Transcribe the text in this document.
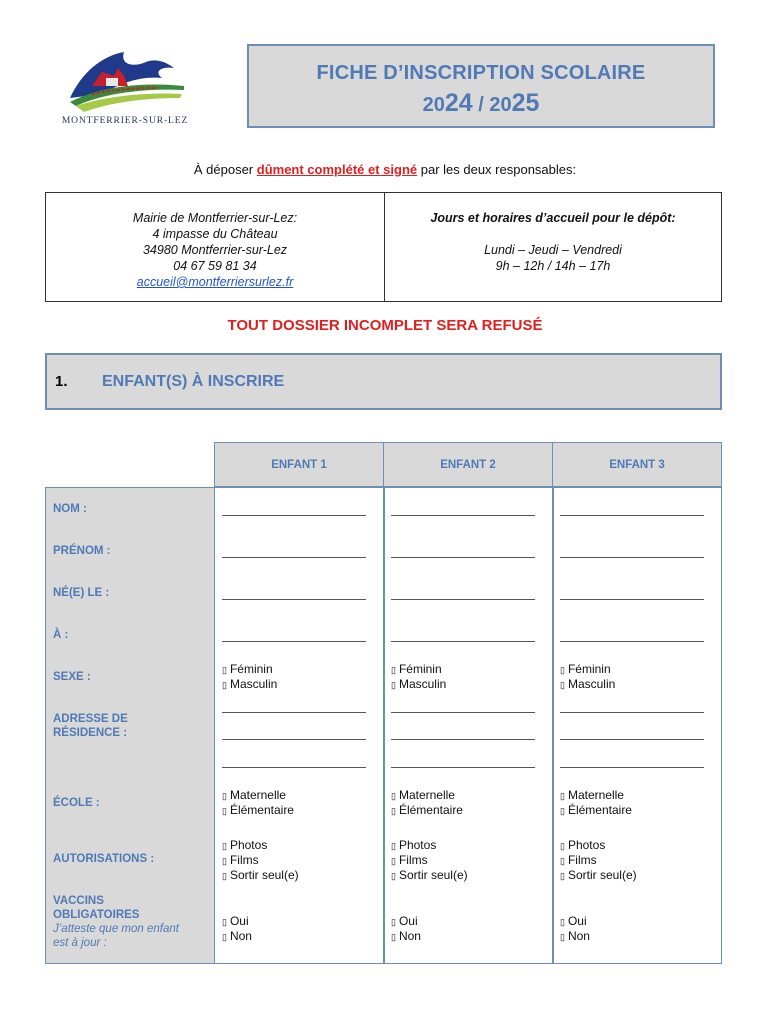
MONTFERRIER-SUR-LEZ
FICHE D’INSCRIPTION SCOLAIRE
2024 / 2025
À déposer dûment complété et signé par les deux responsables:
Mairie de Montferrier-sur-Lez:
4 impasse du Château
34980 Montferrier-sur-Lez
04 67 59 81 34
accueil@montferriersurlez.fr
Jours et horaires d’accueil pour le dépôt:
Lundi – Jeudi – Vendredi
9h – 12h / 14h – 17h
TOUT DOSSIER INCOMPLET SERA REFUSÉ
1. ENFANT(S) À INSCRIRE
ENFANT 1	ENFANT 2	ENFANT 3
NOM :
PRÉNOM :
NÉ(E) LE :
À :
SEXE :
ADRESSE DE
RÉSIDENCE :
ÉCOLE :
AUTORISATIONS :
VACCINS
OBLIGATOIRES
J’atteste que mon enfant
est à jour :
▯ Féminin
▯ Masculin
▯ Maternelle
▯ Élémentaire
▯ Photos
▯ Films
▯ Sortir seul(e)
▯ Oui
▯ Non
▯ Féminin
▯ Masculin
▯ Maternelle
▯ Élémentaire
▯ Photos
▯ Films
▯ Sortir seul(e)
▯ Oui
▯ Non
▯ Féminin
▯ Masculin
▯ Maternelle
▯ Élémentaire
▯ Photos
▯ Films
▯ Sortir seul(e)
▯ Oui
▯ Non
